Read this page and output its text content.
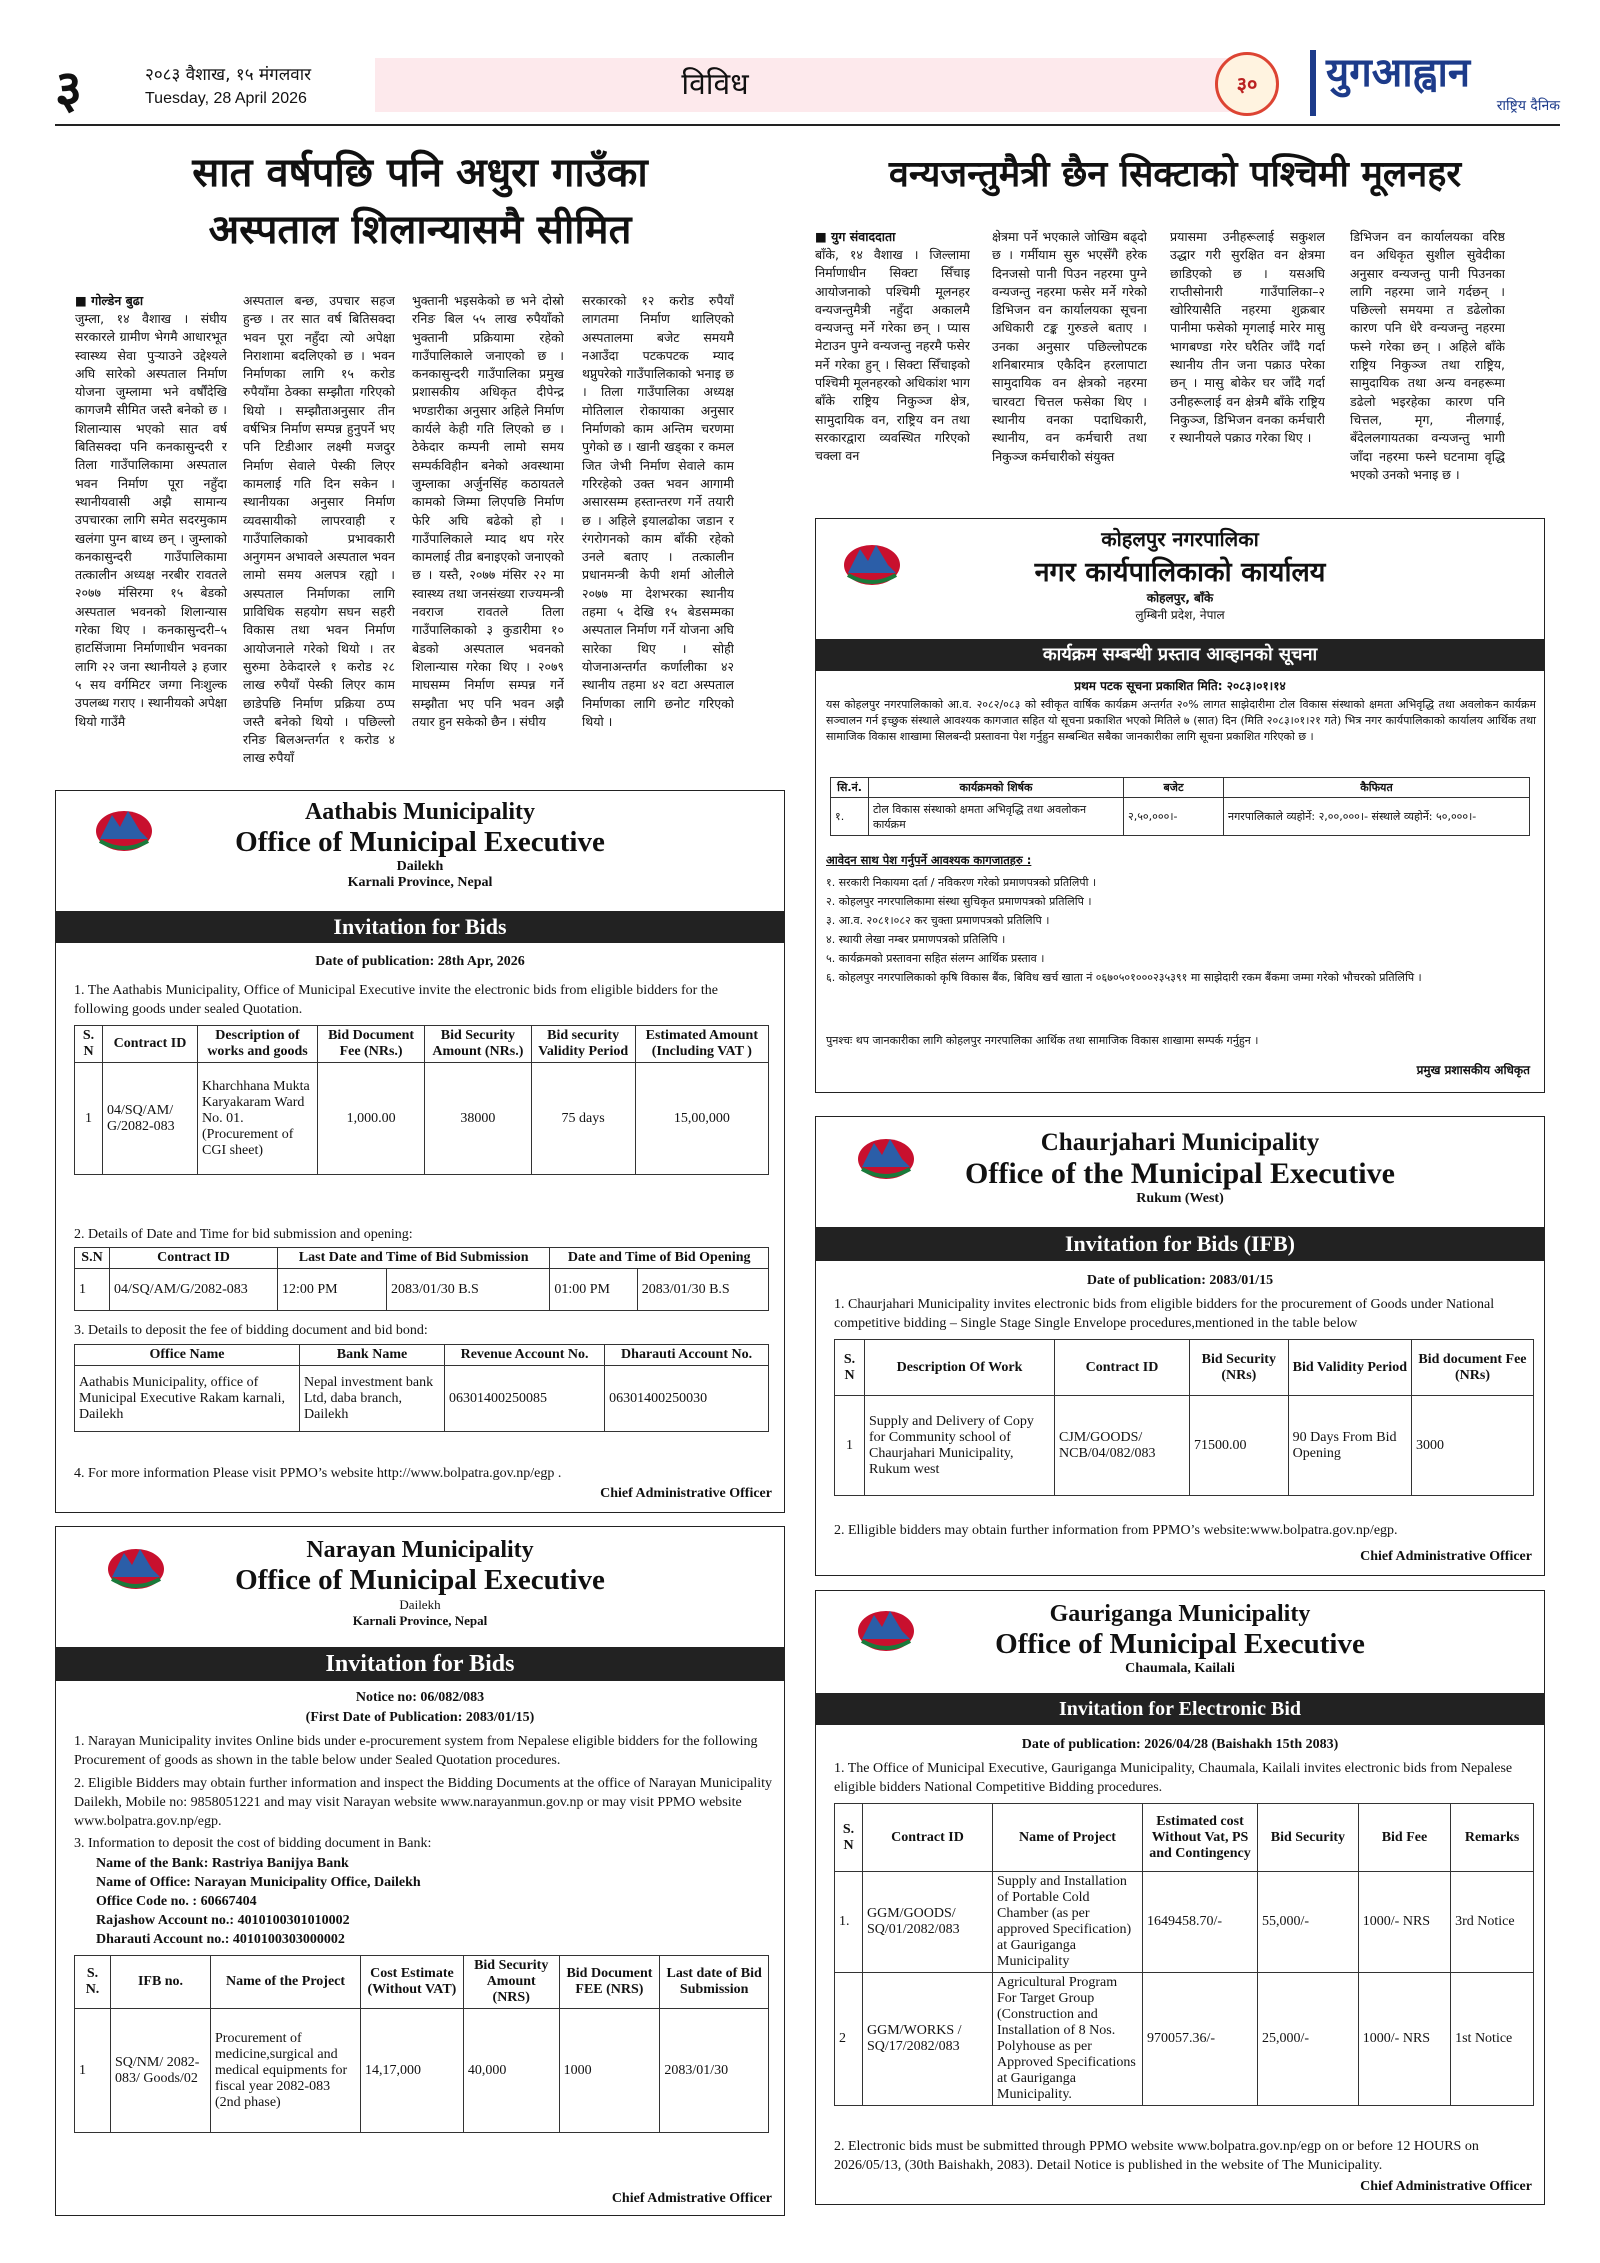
३	२०८३ वैशाख, १५ मंगलवार
Tuesday, 28 April 2026	विविध	३०	युगआह्वान
राष्ट्रिय दैनिक
सात वर्षपछि पनि अधुरा गाउँका
अस्पताल शिलान्यासमै सीमित
■ गोल्डेन बुढा
जुम्ला, १४ वैशाख । संघीय सरकारले ग्रामीण भेगमै आधारभूत स्वास्थ्य सेवा पुऱ्याउने उद्देश्यले अघि सारेको अस्पताल निर्माण योजना जुम्लामा भने वर्षौंदेखि कागजमै सीमित जस्तै बनेको छ । शिलान्यास भएको सात वर्ष बितिसक्दा पनि कनकासुन्दरी र तिला गाउँपालिकामा अस्पताल भवन निर्माण पूरा नहुँदा स्थानीयवासी अझै सामान्य उपचारका लागि समेत सदरमुकाम खलंगा पुग्न बाध्य छन् । जुम्लाको कनकासुन्दरी गाउँपालिकामा तत्कालीन अध्यक्ष नरबीर रावतले २०७७ मंसिरमा १५ बेडको अस्पताल भवनको शिलान्यास गरेका थिए । कनकासुन्दरी–५ हाटसिंजामा निर्माणाधीन भवनका लागि २२ जना स्थानीयले ३ हजार ५ सय वर्गमिटर जग्गा निःशुल्क उपलब्ध गराए । स्थानीयको अपेक्षा थियो गाउँमै
अस्पताल बन्छ, उपचार सहज हुन्छ । तर सात वर्ष बितिसक्दा भवन पूरा नहुँदा त्यो अपेक्षा निराशामा बदलिएको छ । भवन निर्माणका लागि १५ करोड रुपैयाँमा ठेक्का सम्झौता गरिएको थियो । सम्झौताअनुसार तीन वर्षभित्र निर्माण सम्पन्न हुनुपर्ने भए पनि टिडीआर लक्ष्मी मजदुर निर्माण सेवाले पेस्की लिएर कामलाई गति दिन सकेन । स्थानीयका अनुसार निर्माण व्यवसायीको लापरवाही र गाउँपालिकाको प्रभावकारी अनुगमन अभावले अस्पताल भवन लामो समय अलपत्र रह्यो । अस्पताल निर्माणका लागि प्राविधिक सहयोग सघन सहरी विकास तथा भवन निर्माण आयोजनाले गरेको थियो । तर सुरुमा ठेकेदारले १ करोड २८ लाख रुपैयाँ पेस्की लिएर काम छाडेपछि निर्माण प्रक्रिया ठप्प जस्तै बनेको थियो । पछिल्लो रनिङ बिलअन्तर्गत १ करोड ४ लाख रुपैयाँ
भुक्तानी भइसकेको छ भने दोस्रो रनिङ बिल ५५ लाख रुपैयाँको भुक्तानी प्रक्रियामा रहेको गाउँपालिकाले जनाएको छ । कनकासुन्दरी गाउँपालिका प्रमुख प्रशासकीय अधिकृत दीपेन्द्र भण्डारीका अनुसार अहिले निर्माण कार्यले केही गति लिएको छ । ठेकेदार कम्पनी लामो समय सम्पर्कविहीन बनेको अवस्थामा जुम्लाका अर्जुनसिंह कठायतले कामको जिम्मा लिएपछि निर्माण फेरि अघि बढेको हो । गाउँपालिकाले म्याद थप गरेर कामलाई तीव्र बनाइएको जनाएको छ । यस्तै, २०७७ मंसिर २२ मा स्वास्थ्य तथा जनसंख्या राज्यमन्त्री नवराज रावतले तिला गाउँपालिकाको ३ कुडारीमा १० बेडको अस्पताल भवनको शिलान्यास गरेका थिए । २०७९ माघसम्म निर्माण सम्पन्न गर्ने सम्झौता भए पनि भवन अझै तयार हुन सकेको छैन । संघीय
सरकारको १२ करोड रुपैयाँ लागतमा निर्माण थालिएको अस्पतालमा बजेट समयमै नआउँदा पटकपटक म्याद थप्नुपरेको गाउँपालिकाको भनाइ छ । तिला गाउँपालिका अध्यक्ष मोतिलाल रोकायाका अनुसार निर्माणको काम अन्तिम चरणमा पुगेको छ । खानी खड्का र कमल जित जेभी निर्माण सेवाले काम गरिरहेको उक्त भवन आगामी असारसम्म हस्तान्तरण गर्ने तयारी छ । अहिले इयालढोका जडान र रंगरोगनको काम बाँकी रहेको उनले बताए । तत्कालीन प्रधानमन्त्री केपी शर्मा ओलीले २०७७ मा देशभरका स्थानीय तहमा ५ देखि १५ बेडसम्मका अस्पताल निर्माण गर्ने योजना अघि सारेका थिए । सोही योजनाअन्तर्गत कर्णालीका ४२ स्थानीय तहमा ४२ वटा अस्पताल निर्माणका लागि छनोट गरिएको थियो ।
वन्यजन्तुमैत्री छैन सिक्टाको पश्चिमी मूलनहर
■ युग संवाददाता
बाँके, १४ वैशाख । जिल्लामा निर्माणाधीन सिक्टा सिँचाइ आयोजनाको पश्चिमी मूलनहर वन्यजन्तुमैत्री नहुँदा अकालमै वन्यजन्तु मर्ने गरेका छन् । प्यास मेटाउन पुग्ने वन्यजन्तु नहरमै फसेर मर्ने गरेका हुन् । सिक्टा सिँचाइको पश्चिमी मूलनहरको अधिकांश भाग बाँके राष्ट्रिय निकुञ्ज क्षेत्र, सामुदायिक वन, राष्ट्रिय वन तथा सरकारद्वारा व्यवस्थित गरिएको चक्ला वन
क्षेत्रमा पर्ने भएकाले जोखिम बढ्दो छ । गर्मीयाम सुरु भएसँगै हरेक दिनजसो पानी पिउन नहरमा पुग्ने वन्यजन्तु नहरमा फसेर मर्ने गरेको डिभिजन वन कार्यालयका सूचना अधिकारी टङ्क गुरुङले बताए । उनका अनुसार पछिल्लोपटक शनिबारमात्र एकैदिन हरलापाटा सामुदायिक वन क्षेत्रको नहरमा चारवटा चित्तल फसेका थिए । स्थानीय वनका पदाधिकारी, स्थानीय, वन कर्मचारी तथा निकुञ्ज कर्मचारीको संयुक्त
प्रयासमा उनीहरूलाई सकुशल उद्धार गरी सुरक्षित वन क्षेत्रमा छाडिएको छ । यसअघि राप्तीसोनारी गाउँपालिका–२ खोरियासैति नहरमा शुक्रबार पानीमा फसेको मृगलाई मारेर मासु भागबण्डा गरेर घरैतिर जाँदै गर्दा स्थानीय तीन जना पक्राउ परेका छन् । मासु बोकेर घर जाँदै गर्दा उनीहरूलाई वन क्षेत्रमै बाँके राष्ट्रिय निकुञ्ज, डिभिजन वनका कर्मचारी र स्थानीयले पक्राउ गरेका थिए ।
डिभिजन वन कार्यालयका वरिष्ठ वन अधिकृत सुशील सुवेदीका अनुसार वन्यजन्तु पानी पिउनका लागि नहरमा जाने गर्दछन् । पछिल्लो समयमा त डढेलोका कारण पनि धेरै वन्यजन्तु नहरमा फस्ने गरेका छन् । अहिले बाँके राष्ट्रिय निकुञ्ज तथा राष्ट्रिय, सामुदायिक तथा अन्य वनहरूमा डढेलो भइरहेका कारण पनि चित्तल, मृग, नीलगाई, बँदेललगायतका वन्यजन्तु भागी जाँदा नहरमा फस्ने घटनामा वृद्धि भएको उनको भनाइ छ ।
Aathabis Municipality
Office of Municipal Executive
Dailekh
Karnali Province, Nepal
Invitation for Bids
Date of publication: 28th Apr, 2026
1. The Aathabis Municipality, Office of Municipal Executive invite the electronic bids from eligible bidders for the following goods under sealed Quotation.
S. N	Contract ID	Description of works and goods	Bid Document Fee (NRs.)	Bid Security Amount (NRs.)	Bid security Validity Period	Estimated Amount (Including VAT )
1	04/SQ/AM/ G/2082-083	Kharchhana Mukta Karyakaram Ward No. 01. (Procurement of CGI sheet)	1,000.00	38000	75 days	15,00,000
2. Details of Date and Time for bid submission and opening:
S.N	Contract ID	Last Date and Time of Bid Submission		Date and Time of Bid Opening	
1	04/SQ/AM/G/2082-083	12:00 PM	2083/01/30 B.S	01:00 PM	2083/01/30 B.S
3. Details to deposit the fee of bidding document and bid bond:
Office Name	Bank Name	Revenue Account No.	Dharauti Account No.
Aathabis Municipality, office of Municipal Executive Rakam karnali, Dailekh	Nepal investment bank Ltd, daba branch, Dailekh	06301400250085	06301400250030
4. For more information Please visit PPMO’s website http://www.bolpatra.gov.np/egp .
Chief Administrative Officer
Narayan Municipality
Office of Municipal Executive
Dailekh
Karnali Province, Nepal
Invitation for Bids
Notice no: 06/082/083
(First Date of Publication: 2083/01/15)
1. Narayan Municipality invites Online bids under e-procurement system from Nepalese eligible bidders for the following Procurement of goods as shown in the table below under Sealed Quotation procedures.
2. Eligible Bidders may obtain further information and inspect the Bidding Documents at the office of Narayan Municipality Dailekh, Mobile no: 9858051221 and may visit Narayan website www.narayanmun.gov.np or may visit PPMO website www.bolpatra.gov.np/egp.
3. Information to deposit the cost of bidding document in Bank:
Name of the Bank: Rastriya Banijya Bank
Name of Office: Narayan Municipality Office, Dailekh
Office Code no. : 60667404
Rajashow Account no.: 4010100301010002
Dharauti Account no.: 4010100303000002
S. N.	IFB no.	Name of the Project	Cost Estimate (Without VAT)	Bid Security Amount (NRS)	Bid Document FEE (NRS)	Last date of Bid Submission
1	SQ/NM/ 2082-083/ Goods/02	Procurement of medicine,surgical and medical equipments for fiscal year 2082-083 (2nd phase)	14,17,000	40,000	1000	2083/01/30
Chief Admistrative Officer
कोहलपुर नगरपालिका
नगर कार्यपालिकाको कार्यालय
कोहलपुर, बाँके
लुम्बिनी प्रदेश, नेपाल
कार्यक्रम सम्बन्धी प्रस्ताव आव्हानको सूचना
प्रथम पटक सूचना प्रकाशित मिति: २०८३।०१।१४
यस कोहलपुर नगरपालिकाको आ.व. २०८२/०८३ को स्वीकृत वार्षिक कार्यक्रम अन्तर्गत २०% लागत साझेदारीमा टोल विकास संस्थाको क्षमता अभिवृद्धि तथा अवलोकन कार्यक्रम सञ्चालन गर्न इच्छुक संस्थाले आवश्यक कागजात सहित यो सूचना प्रकाशित भएको मितिले ७ (सात) दिन (मिति २०८३।०१।२१ गते) भित्र नगर कार्यपालिकाको कार्यालय आर्थिक तथा सामाजिक विकास शाखामा सिलबन्दी प्रस्तावना पेश गर्नुहुन सम्बन्धित सबैका जानकारीका लागि सूचना प्रकाशित गरिएको छ ।
सि.नं.	कार्यक्रमको शिर्षक	बजेट	कैफियत
१.	टोल विकास संस्थाको क्षमता अभिवृद्धि तथा अवलोकन कार्यक्रम	२,५०,०००।-	नगरपालिकाले व्यहोर्ने: २,००,०००।- संस्थाले व्यहोर्ने: ५०,०००।-
आवेदन साथ पेश गर्नुपर्ने आवश्यक कागजातहरु :
१. सरकारी निकायमा दर्ता / नविकरण गरेको प्रमाणपत्रको प्रतिलिपी ।
२. कोहलपुर नगरपालिकामा संस्था सुचिकृत प्रमाणपत्रको प्रतिलिपि ।
३. आ.व. २०८१।०८२ कर चुक्ता प्रमाणपत्रको प्रतिलिपि ।
४. स्थायी लेखा नम्बर प्रमाणपत्रको प्रतिलिपि ।
५. कार्यक्रमको प्रस्तावना सहित संलग्न आर्थिक प्रस्ताव ।
६. कोहलपुर नगरपालिकाको कृषि विकास बैंक, बिविध खर्च खाता नं ०६७०५०१०००२३५३९१ मा साझेदारी रकम बैंकमा जम्मा गरेको भौचरको प्रतिलिपि ।
पुनश्चः थप जानकारीका लागि कोहलपुर नगरपालिका आर्थिक तथा सामाजिक विकास शाखामा सम्पर्क गर्नुहुन ।
प्रमुख प्रशासकीय अधिकृत
Chaurjahari Municipality
Office of the Municipal Executive
Rukum (West)
Invitation for Bids (IFB)
Date of publication: 2083/01/15
1. Chaurjahari Municipality invites electronic bids from eligible bidders for the procurement of Goods under National competitive bidding – Single Stage Single Envelope procedures,mentioned in the table below
S. N	Description Of Work	Contract ID	Bid Security (NRs)	Bid Validity Period	Bid document Fee (NRs)
1	Supply and Delivery of Copy for Community school of Chaurjahari Municipality, Rukum west	CJM/GOODS/ NCB/04/082/083	71500.00	90 Days From Bid Opening	3000
2. Elligible bidders may obtain further information from PPMO’s website:www.bolpatra.gov.np/egp.
Chief Administrative Officer
Gauriganga Municipality
Office of Municipal Executive
Chaumala, Kailali
Invitation for Electronic Bid
Date of publication: 2026/04/28 (Baishakh 15th 2083)
1. The Office of Municipal Executive, Gauriganga Municipality, Chaumala, Kailali invites electronic bids from Nepalese eligible bidders National Competitive Bidding procedures.
S. N	Contract ID	Name of Project	Estimated cost Without Vat, PS and Contingency	Bid Security	Bid Fee	Remarks
1.	GGM/GOODS/ SQ/01/2082/083	Supply and Installation of Portable Cold Chamber (as per approved Specification) at Gauriganga Municipality	1649458.70/-	55,000/-	1000/- NRS	3rd Notice
2	GGM/WORKS / SQ/17/2082/083	Agricultural Program For Target Group (Construction and Installation of 8 Nos. Polyhouse as per Approved Specifications at Gauriganga Municipality.	970057.36/-	25,000/-	1000/- NRS	1st Notice
2. Electronic bids must be submitted through PPMO website www.bolpatra.gov.np/egp on or before 12 HOURS on 2026/05/13, (30th Baishakh, 2083). Detail Notice is published in the website of The Municipality.
Chief Administrative Officer
